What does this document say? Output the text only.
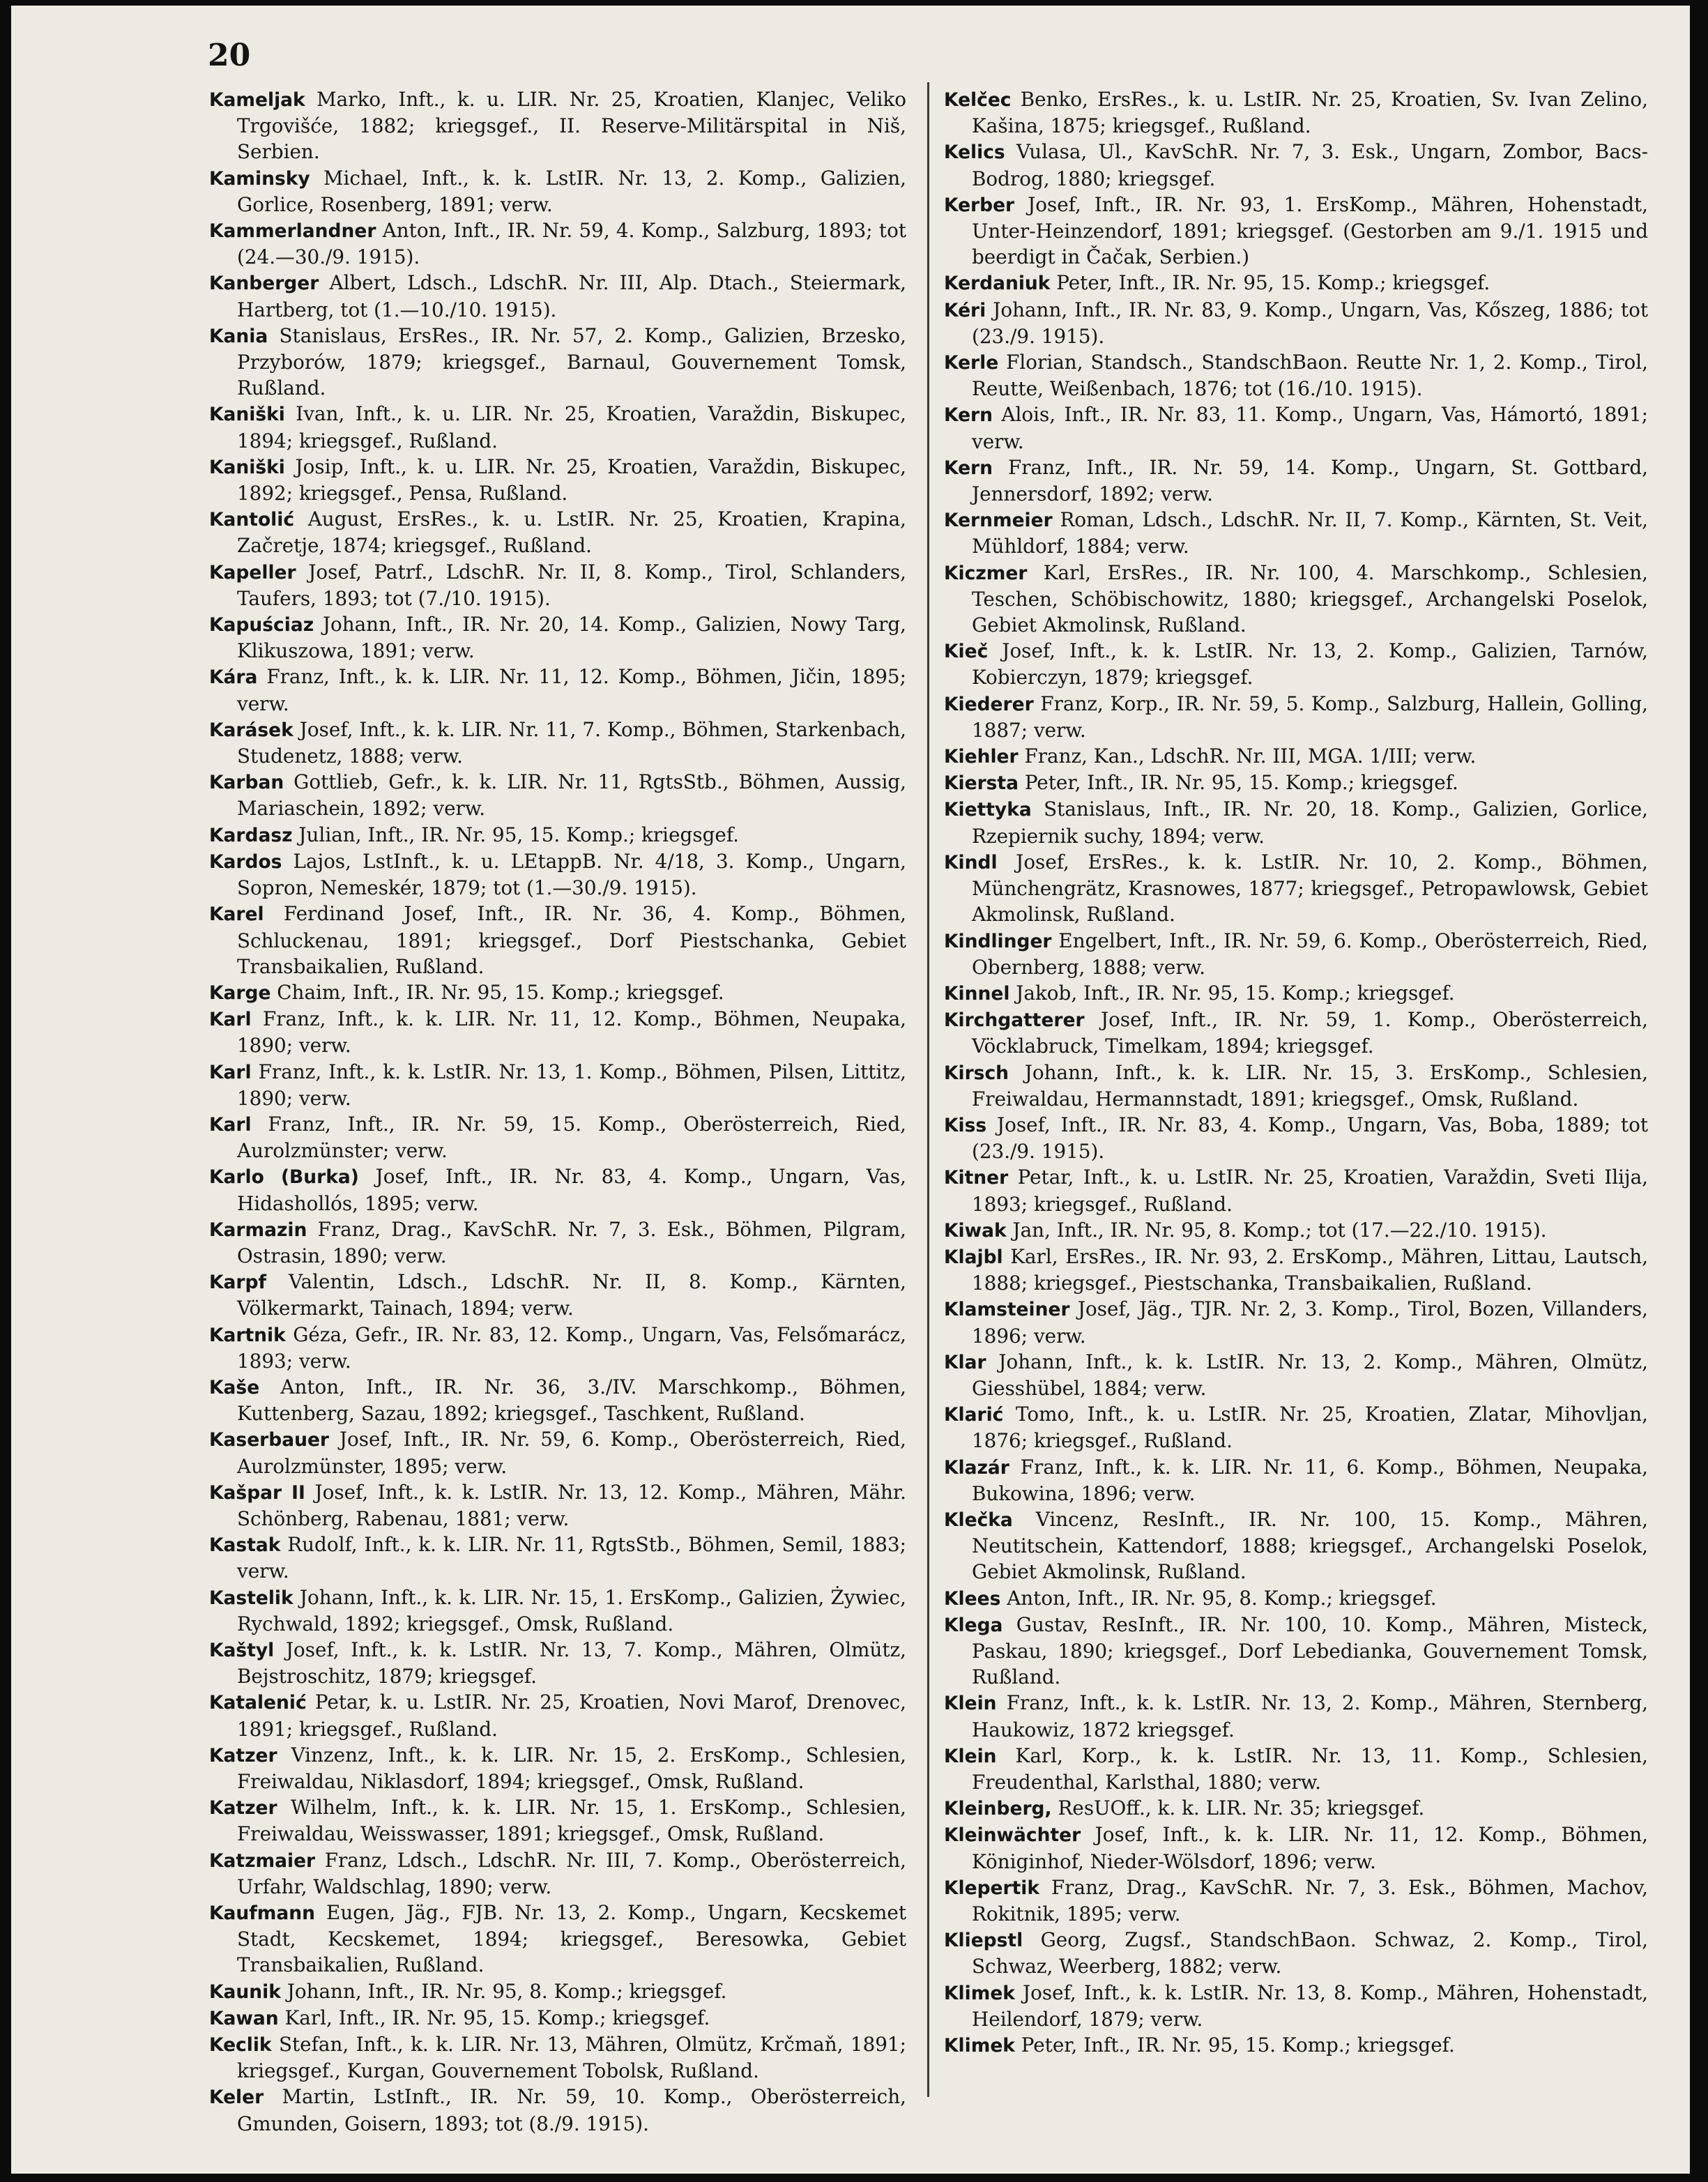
20
Kameljak Marko, Inft., k. u. LIR. Nr. 25, Kroatien, Klanjec, Veliko Trgovišće, 1882; kriegsgef., II. Reserve-Militärspital in Niš, Serbien.
Kaminsky Michael, Inft., k. k. LstIR. Nr. 13, 2. Komp., Galizien, Gorlice, Rosenberg, 1891; verw.
Kammerlandner Anton, Inft., IR. Nr. 59, 4. Komp., Salzburg, 1893; tot (24.—30./9. 1915).
Kanberger Albert, Ldsch., LdschR. Nr. III, Alp. Dtach., Steiermark, Hartberg, tot (1.—10./10. 1915).
Kania Stanislaus, ErsRes., IR. Nr. 57, 2. Komp., Galizien, Brzesko, Przyborów, 1879; kriegsgef., Barnaul, Gouvernement Tomsk, Rußland.
Kaniški Ivan, Inft., k. u. LIR. Nr. 25, Kroatien, Varaždin, Biskupec, 1894; kriegsgef., Rußland.
Kaniški Josip, Inft., k. u. LIR. Nr. 25, Kroatien, Varaždin, Biskupec, 1892; kriegsgef., Pensa, Rußland.
Kantolić August, ErsRes., k. u. LstIR. Nr. 25, Kroatien, Krapina, Začretje, 1874; kriegsgef., Rußland.
Kapeller Josef, Patrf., LdschR. Nr. II, 8. Komp., Tirol, Schlanders, Taufers, 1893; tot (7./10. 1915).
Kapuściaz Johann, Inft., IR. Nr. 20, 14. Komp., Galizien, Nowy Targ, Klikuszowa, 1891; verw.
Kára Franz, Inft., k. k. LIR. Nr. 11, 12. Komp., Böhmen, Jičin, 1895; verw.
Karásek Josef, Inft., k. k. LIR. Nr. 11, 7. Komp., Böhmen, Starkenbach, Studenetz, 1888; verw.
Karban Gottlieb, Gefr., k. k. LIR. Nr. 11, RgtsStb., Böhmen, Aussig, Mariaschein, 1892; verw.
Kardasz Julian, Inft., IR. Nr. 95, 15. Komp.; kriegsgef.
Kardos Lajos, LstInft., k. u. LEtappB. Nr. 4/18, 3. Komp., Ungarn, Sopron, Nemeskér, 1879; tot (1.—30./9. 1915).
Karel Ferdinand Josef, Inft., IR. Nr. 36, 4. Komp., Böhmen, Schluckenau, 1891; kriegsgef., Dorf Piestschanka, Gebiet Transbaikalien, Rußland.
Karge Chaim, Inft., IR. Nr. 95, 15. Komp.; kriegsgef.
Karl Franz, Inft., k. k. LIR. Nr. 11, 12. Komp., Böhmen, Neupaka, 1890; verw.
Karl Franz, Inft., k. k. LstIR. Nr. 13, 1. Komp., Böhmen, Pilsen, Littitz, 1890; verw.
Karl Franz, Inft., IR. Nr. 59, 15. Komp., Oberösterreich, Ried, Aurolzmünster; verw.
Karlo (Burka) Josef, Inft., IR. Nr. 83, 4. Komp., Ungarn, Vas, Hidashollós, 1895; verw.
Karmazin Franz, Drag., KavSchR. Nr. 7, 3. Esk., Böhmen, Pilgram, Ostrasin, 1890; verw.
Karpf Valentin, Ldsch., LdschR. Nr. II, 8. Komp., Kärnten, Völkermarkt, Tainach, 1894; verw.
Kartnik Géza, Gefr., IR. Nr. 83, 12. Komp., Ungarn, Vas, Felsőmarácz, 1893; verw.
Kaše Anton, Inft., IR. Nr. 36, 3./IV. Marschkomp., Böhmen, Kuttenberg, Sazau, 1892; kriegsgef., Taschkent, Rußland.
Kaserbauer Josef, Inft., IR. Nr. 59, 6. Komp., Oberösterreich, Ried, Aurolzmünster, 1895; verw.
Kašpar II Josef, Inft., k. k. LstIR. Nr. 13, 12. Komp., Mähren, Mähr. Schönberg, Rabenau, 1881; verw.
Kastak Rudolf, Inft., k. k. LIR. Nr. 11, RgtsStb., Böhmen, Semil, 1883; verw.
Kastelik Johann, Inft., k. k. LIR. Nr. 15, 1. ErsKomp., Galizien, Żywiec, Rychwald, 1892; kriegsgef., Omsk, Rußland.
Kaštyl Josef, Inft., k. k. LstIR. Nr. 13, 7. Komp., Mähren, Olmütz, Bejstroschitz, 1879; kriegsgef.
Katalenić Petar, k. u. LstIR. Nr. 25, Kroatien, Novi Marof, Drenovec, 1891; kriegsgef., Rußland.
Katzer Vinzenz, Inft., k. k. LIR. Nr. 15, 2. ErsKomp., Schlesien, Freiwaldau, Niklasdorf, 1894; kriegsgef., Omsk, Rußland.
Katzer Wilhelm, Inft., k. k. LIR. Nr. 15, 1. ErsKomp., Schlesien, Freiwaldau, Weisswasser, 1891; kriegsgef., Omsk, Rußland.
Katzmaier Franz, Ldsch., LdschR. Nr. III, 7. Komp., Oberösterreich, Urfahr, Waldschlag, 1890; verw.
Kaufmann Eugen, Jäg., FJB. Nr. 13, 2. Komp., Ungarn, Kecskemet Stadt, Kecskemet, 1894; kriegsgef., Beresowka, Gebiet Transbaikalien, Rußland.
Kaunik Johann, Inft., IR. Nr. 95, 8. Komp.; kriegsgef.
Kawan Karl, Inft., IR. Nr. 95, 15. Komp.; kriegsgef.
Keclik Stefan, Inft., k. k. LIR. Nr. 13, Mähren, Olmütz, Krčmaň, 1891; kriegsgef., Kurgan, Gouvernement Tobolsk, Rußland.
Keler Martin, LstInft., IR. Nr. 59, 10. Komp., Oberösterreich, Gmunden, Goisern, 1893; tot (8./9. 1915).
Kelčec Benko, ErsRes., k. u. LstIR. Nr. 25, Kroatien, Sv. Ivan Zelino, Kašina, 1875; kriegsgef., Rußland.
Kelics Vulasa, Ul., KavSchR. Nr. 7, 3. Esk., Ungarn, Zombor, Bacs-Bodrog, 1880; kriegsgef.
Kerber Josef, Inft., IR. Nr. 93, 1. ErsKomp., Mähren, Hohenstadt, Unter-Heinzendorf, 1891; kriegsgef. (Gestorben am 9./1. 1915 und beerdigt in Čačak, Serbien.)
Kerdaniuk Peter, Inft., IR. Nr. 95, 15. Komp.; kriegsgef.
Kéri Johann, Inft., IR. Nr. 83, 9. Komp., Ungarn, Vas, Kőszeg, 1886; tot (23./9. 1915).
Kerle Florian, Standsch., StandschBaon. Reutte Nr. 1, 2. Komp., Tirol, Reutte, Weißenbach, 1876; tot (16./10. 1915).
Kern Alois, Inft., IR. Nr. 83, 11. Komp., Ungarn, Vas, Hámortó, 1891; verw.
Kern Franz, Inft., IR. Nr. 59, 14. Komp., Ungarn, St. Gottbard, Jennersdorf, 1892; verw.
Kernmeier Roman, Ldsch., LdschR. Nr. II, 7. Komp., Kärnten, St. Veit, Mühldorf, 1884; verw.
Kiczmer Karl, ErsRes., IR. Nr. 100, 4. Marschkomp., Schlesien, Teschen, Schöbischowitz, 1880; kriegsgef., Archangelski Poselok, Gebiet Akmolinsk, Rußland.
Kieč Josef, Inft., k. k. LstIR. Nr. 13, 2. Komp., Galizien, Tarnów, Kobierczyn, 1879; kriegsgef.
Kiederer Franz, Korp., IR. Nr. 59, 5. Komp., Salzburg, Hallein, Golling, 1887; verw.
Kiehler Franz, Kan., LdschR. Nr. III, MGA. 1/III; verw.
Kiersta Peter, Inft., IR. Nr. 95, 15. Komp.; kriegsgef.
Kiettyka Stanislaus, Inft., IR. Nr. 20, 18. Komp., Galizien, Gorlice, Rzepiernik suchy, 1894; verw.
Kindl Josef, ErsRes., k. k. LstIR. Nr. 10, 2. Komp., Böhmen, Münchengrätz, Krasnowes, 1877; kriegsgef., Petropawlowsk, Gebiet Akmolinsk, Rußland.
Kindlinger Engelbert, Inft., IR. Nr. 59, 6. Komp., Oberösterreich, Ried, Obernberg, 1888; verw.
Kinnel Jakob, Inft., IR. Nr. 95, 15. Komp.; kriegsgef.
Kirchgatterer Josef, Inft., IR. Nr. 59, 1. Komp., Oberösterreich, Vöcklabruck, Timelkam, 1894; kriegsgef.
Kirsch Johann, Inft., k. k. LIR. Nr. 15, 3. ErsKomp., Schlesien, Freiwaldau, Hermannstadt, 1891; kriegsgef., Omsk, Rußland.
Kiss Josef, Inft., IR. Nr. 83, 4. Komp., Ungarn, Vas, Boba, 1889; tot (23./9. 1915).
Kitner Petar, Inft., k. u. LstIR. Nr. 25, Kroatien, Varaždin, Sveti Ilija, 1893; kriegsgef., Rußland.
Kiwak Jan, Inft., IR. Nr. 95, 8. Komp.; tot (17.—22./10. 1915).
Klajbl Karl, ErsRes., IR. Nr. 93, 2. ErsKomp., Mähren, Littau, Lautsch, 1888; kriegsgef., Piestschanka, Transbaikalien, Rußland.
Klamsteiner Josef, Jäg., TJR. Nr. 2, 3. Komp., Tirol, Bozen, Villanders, 1896; verw.
Klar Johann, Inft., k. k. LstIR. Nr. 13, 2. Komp., Mähren, Olmütz, Giesshübel, 1884; verw.
Klarić Tomo, Inft., k. u. LstIR. Nr. 25, Kroatien, Zlatar, Mihovljan, 1876; kriegsgef., Rußland.
Klazár Franz, Inft., k. k. LIR. Nr. 11, 6. Komp., Böhmen, Neupaka, Bukowina, 1896; verw.
Klečka Vincenz, ResInft., IR. Nr. 100, 15. Komp., Mähren, Neutitschein, Kattendorf, 1888; kriegsgef., Archangelski Poselok, Gebiet Akmolinsk, Rußland.
Klees Anton, Inft., IR. Nr. 95, 8. Komp.; kriegsgef.
Klega Gustav, ResInft., IR. Nr. 100, 10. Komp., Mähren, Misteck, Paskau, 1890; kriegsgef., Dorf Lebedianka, Gouvernement Tomsk, Rußland.
Klein Franz, Inft., k. k. LstIR. Nr. 13, 2. Komp., Mähren, Sternberg, Haukowiz, 1872 kriegsgef.
Klein Karl, Korp., k. k. LstIR. Nr. 13, 11. Komp., Schlesien, Freudenthal, Karlsthal, 1880; verw.
Kleinberg, ResUOff., k. k. LIR. Nr. 35; kriegsgef.
Kleinwächter Josef, Inft., k. k. LIR. Nr. 11, 12. Komp., Böhmen, Königinhof, Nieder-Wölsdorf, 1896; verw.
Klepertik Franz, Drag., KavSchR. Nr. 7, 3. Esk., Böhmen, Machov, Rokitnik, 1895; verw.
Kliepstl Georg, Zugsf., StandschBaon. Schwaz, 2. Komp., Tirol, Schwaz, Weerberg, 1882; verw.
Klimek Josef, Inft., k. k. LstIR. Nr. 13, 8. Komp., Mähren, Hohenstadt, Heilendorf, 1879; verw.
Klimek Peter, Inft., IR. Nr. 95, 15. Komp.; kriegsgef.
